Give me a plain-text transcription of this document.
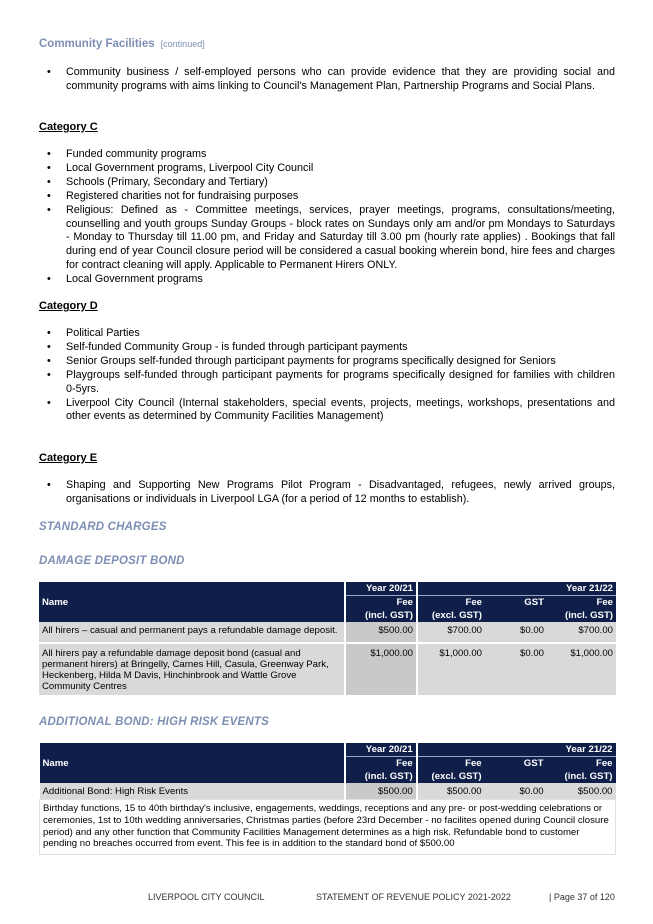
Community Facilities [continued]
• Community business / self-employed persons who can provide evidence that they are providing social and community programs with aims linking to Council's Management Plan, Partnership Programs and Social Plans.
Category C
• Funded community programs
• Local Government programs, Liverpool City Council
• Schools (Primary, Secondary and Tertiary)
• Registered charities not for fundraising purposes
• Religious: Defined as - Committee meetings, services, prayer meetings, programs, consultations/meeting, counselling and youth groups Sunday Groups - block rates on Sundays only am and/or pm Mondays to Saturdays - Monday to Thursday till 11.00 pm, and Friday and Saturday till 3.00 pm (hourly rate applies) . Bookings that fall during end of year Council closure period will be considered a casual booking wherein bond, hire fees and charges for contract cleaning will apply. Applicable to Permanent Hirers ONLY.
• Local Government programs
Category D
• Political Parties
• Self-funded Community Group - is funded through participant payments
• Senior Groups self-funded through participant payments for programs specifically designed for Seniors
• Playgroups self-funded through participant payments for programs specifically designed for families with children 0-5yrs.
• Liverpool City Council (Internal stakeholders, special events, projects, meetings, workshops, presentations and other events as determined by Community Facilities Management)
Category E
• Shaping and Supporting New Programs Pilot Program - Disadvantaged, refugees, newly arrived groups, organisations or individuals in Liverpool LGA (for a period of 12 months to establish).
STANDARD CHARGES
DAMAGE DEPOSIT BOND
Name	Year 20/21	Year 21/22		
	Fee	Fee	GST	Fee
	(incl. GST)	(excl. GST)		(incl. GST)
All hirers – casual and permanent pays a refundable damage deposit.	$500.00	$700.00	$0.00	$700.00
All hirers pay a refundable damage deposit bond (casual and permanent hirers) at Bringelly, Carnes Hill, Casula, Greenway Park, Heckenberg, Hilda M Davis, Hinchinbrook and Wattle Grove Community Centres	$1,000.00	$1,000.00	$0.00	$1,000.00
ADDITIONAL BOND: HIGH RISK EVENTS
Name	Year 20/21	Year 21/22		
	Fee	Fee	GST	Fee
	(incl. GST)	(excl. GST)		(incl. GST)
Additional Bond: High Risk Events	$500.00	$500.00	$0.00	$500.00
Birthday functions, 15 to 40th birthday's inclusive, engagements, weddings, receptions and any pre- or post-wedding celebrations or ceremonies, 1st to 10th wedding anniversaries, Christmas parties (before 23rd December - no facilites opened during Council closure period) and any other function that Community Facilities Management determines as a high risk. Refundable bond to customer pending no breaches occurred from event. This fee is in addition to the standard bond of $500.00				
LIVERPOOL CITY COUNCIL	STATEMENT OF REVENUE POLICY 2021-2022	| Page 37 of 120
